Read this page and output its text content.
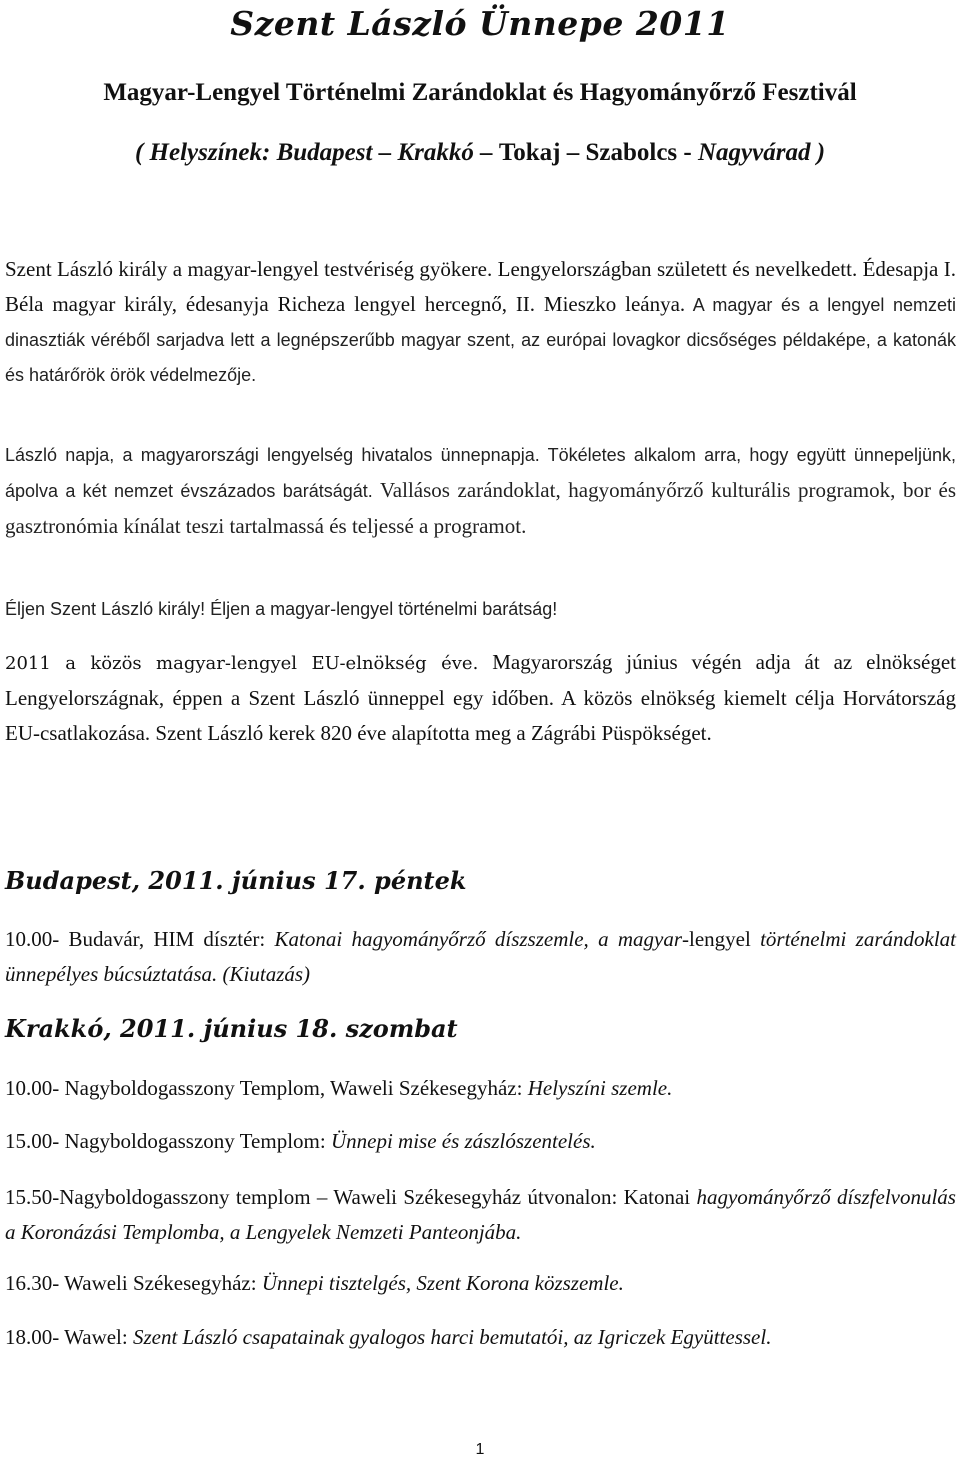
Szent László Ünnepe 2011
Magyar-Lengyel Történelmi Zarándoklat és Hagyományőrző Fesztivál

( Helyszínek: Budapest – Krakkó – Tokaj – Szabolcs - Nagyvárad )

Szent László király a magyar-lengyel testvériség gyökere. Lengyelországban született és nevelkedett. Édesapja I. Béla magyar király, édesanyja Richeza lengyel hercegnő, II. Mieszko leánya. A magyar és a lengyel nemzeti dinasztiák véréből sarjadva lett a legnépszerűbb magyar szent, az európai lovagkor dicsőséges példaképe, a katonák és határőrök örök védelmezője.

László napja, a magyarországi lengyelség hivatalos ünnepnapja. Tökéletes alkalom arra, hogy együtt ünnepeljünk, ápolva a két nemzet évszázados barátságát. Vallásos zarándoklat, hagyományőrző kulturális programok, bor és gasztronómia kínálat teszi tartalmassá és teljessé a programot.

Éljen Szent László király! Éljen a magyar-lengyel történelmi barátság!

2011 a közös magyar-lengyel EU-elnökség éve. Magyarország június végén adja át az elnökséget Lengyelországnak, éppen a Szent László ünneppel egy időben. A közös elnökség kiemelt célja Horvátország EU-csatlakozása. Szent László kerek 820 éve alapította meg a Zágrábi Püspökséget.

Budapest, 2011. június 17. péntek

10.00- Budavár, HIM dísztér: Katonai hagyományőrző díszszemle, a magyar-lengyel történelmi zarándoklat ünnepélyes búcsúztatása. (Kiutazás)

Krakkó, 2011. június 18. szombat

10.00- Nagyboldogasszony Templom, Waweli Székesegyház: Helyszíni szemle.

15.00- Nagyboldogasszony Templom: Ünnepi mise és zászlószentelés.

15.50-Nagyboldogasszony templom – Waweli Székesegyház útvonalon: Katonai hagyományőrző díszfelvonulás a Koronázási Templomba, a Lengyelek Nemzeti Panteonjába.

16.30- Waweli Székesegyház: Ünnepi tisztelgés, Szent Korona közszemle.

18.00- Wawel: Szent László csapatainak gyalogos harci bemutatói, az Igriczek Együttessel.

1
